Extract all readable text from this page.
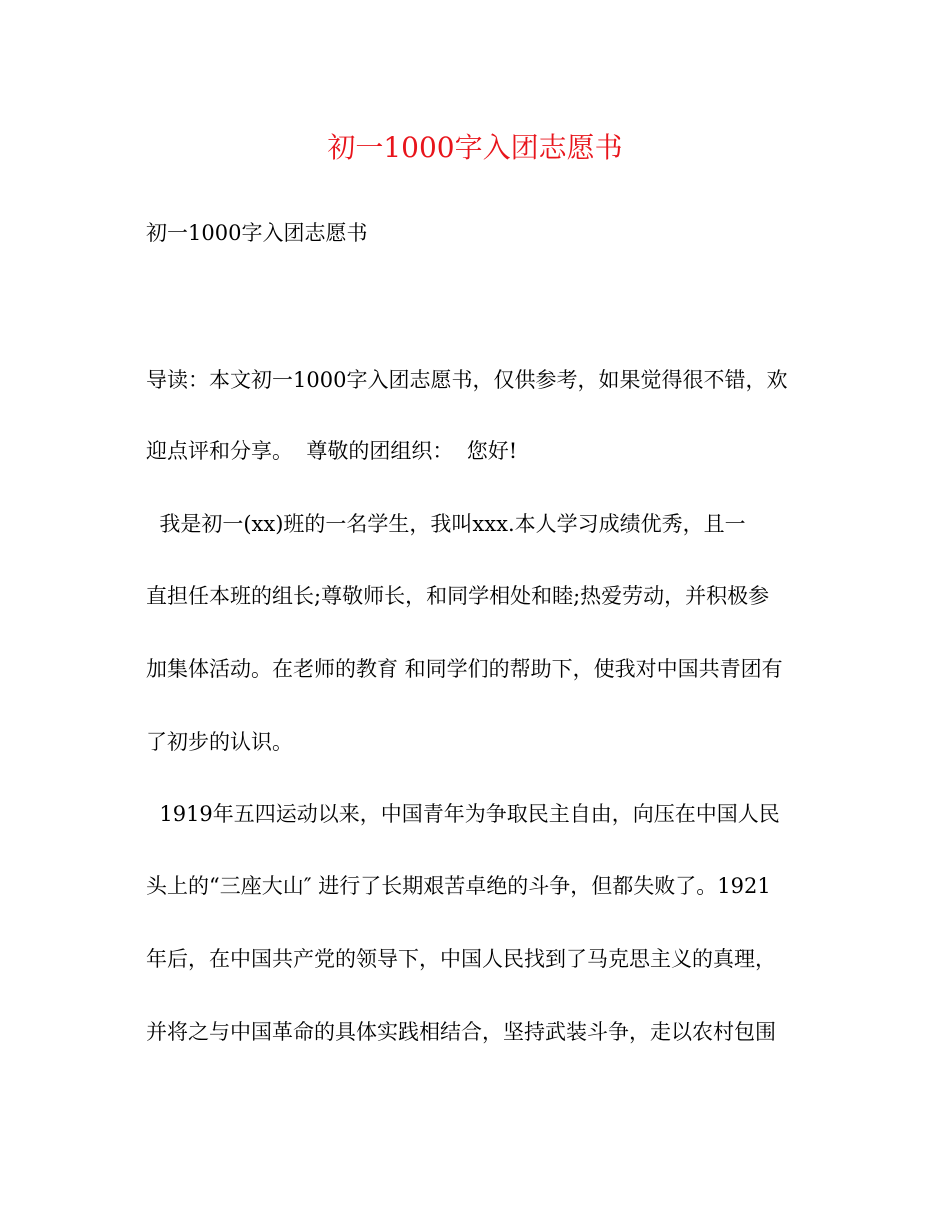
初一1000字入团志愿书
初一1000字入团志愿书
导读：本文初一1000字入团志愿书，仅供参考，如果觉得很不错，欢
迎点评和分享。  尊敬的团组织：  您好!
我是初一(xx)班的一名学生，我叫xxx.本人学习成绩优秀，且一
直担任本班的组长;尊敬师长，和同学相处和睦;热爱劳动，并积极参
加集体活动。在老师的教育 和同学们的帮助下，使我对中国共青团有
了初步的认识。
1919年五四运动以来，中国青年为争取民主自由，向压在中国人民
头上的“三座大山″ 进行了长期艰苦卓绝的斗争，但都失败了。1921
年后，在中国共产党的领导下，中国人民找到了马克思主义的真理，
并将之与中国革命的具体实践相结合，坚持武装斗争，走以农村包围
